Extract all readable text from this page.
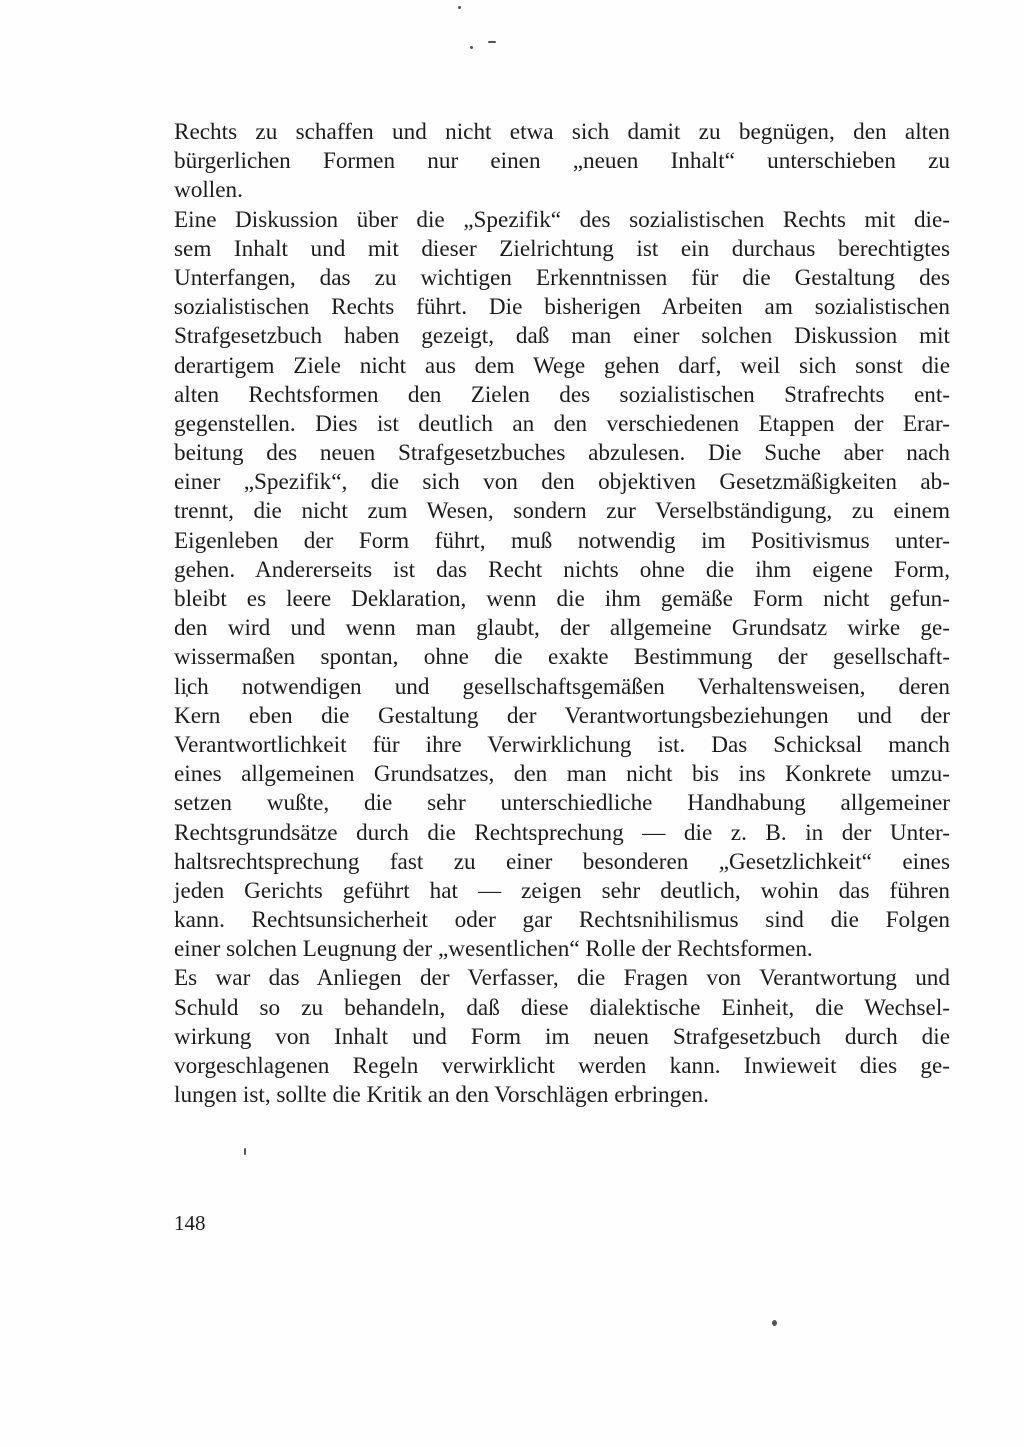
Rechts zu schaffen und nicht etwa sich damit zu begnügen, den alten
bürgerlichen Formen nur einen „neuen Inhalt“ unterschieben zu
wollen.
Eine Diskussion über die „Spezifik“ des sozialistischen Rechts mit die-
sem Inhalt und mit dieser Zielrichtung ist ein durchaus berechtigtes
Unterfangen, das zu wichtigen Erkenntnissen für die Gestaltung des
sozialistischen Rechts führt. Die bisherigen Arbeiten am sozialistischen
Strafgesetzbuch haben gezeigt, daß man einer solchen Diskussion mit
derartigem Ziele nicht aus dem Wege gehen darf, weil sich sonst die
alten Rechtsformen den Zielen des sozialistischen Strafrechts ent-
gegenstellen. Dies ist deutlich an den verschiedenen Etappen der Erar-
beitung des neuen Strafgesetzbuches abzulesen. Die Suche aber nach
einer „Spezifik“, die sich von den objektiven Gesetzmäßigkeiten ab-
trennt, die nicht zum Wesen, sondern zur Verselbständigung, zu einem
Eigenleben der Form führt, muß notwendig im Positivismus unter-
gehen. Andererseits ist das Recht nichts ohne die ihm eigene Form,
bleibt es leere Deklaration, wenn die ihm gemäße Form nicht gefun-
den wird und wenn man glaubt, der allgemeine Grundsatz wirke ge-
wissermaßen spontan, ohne die exakte Bestimmung der gesellschaft-
lich notwendigen und gesellschaftsgemäßen Verhaltensweisen, deren
Kern eben die Gestaltung der Verantwortungsbeziehungen und der
Verantwortlichkeit für ihre Verwirklichung ist. Das Schicksal manch
eines allgemeinen Grundsatzes, den man nicht bis ins Konkrete umzu-
setzen wußte, die sehr unterschiedliche Handhabung allgemeiner
Rechtsgrundsätze durch die Rechtsprechung — die z. B. in der Unter-
haltsrechtsprechung fast zu einer besonderen „Gesetzlichkeit“ eines
jeden Gerichts geführt hat — zeigen sehr deutlich, wohin das führen
kann. Rechtsunsicherheit oder gar Rechtsnihilismus sind die Folgen
einer solchen Leugnung der „wesentlichen“ Rolle der Rechtsformen.
Es war das Anliegen der Verfasser, die Fragen von Verantwortung und
Schuld so zu behandeln, daß diese dialektische Einheit, die Wechsel-
wirkung von Inhalt und Form im neuen Strafgesetzbuch durch die
vorgeschlagenen Regeln verwirklicht werden kann. Inwieweit dies ge-
lungen ist, sollte die Kritik an den Vorschlägen erbringen.
148
